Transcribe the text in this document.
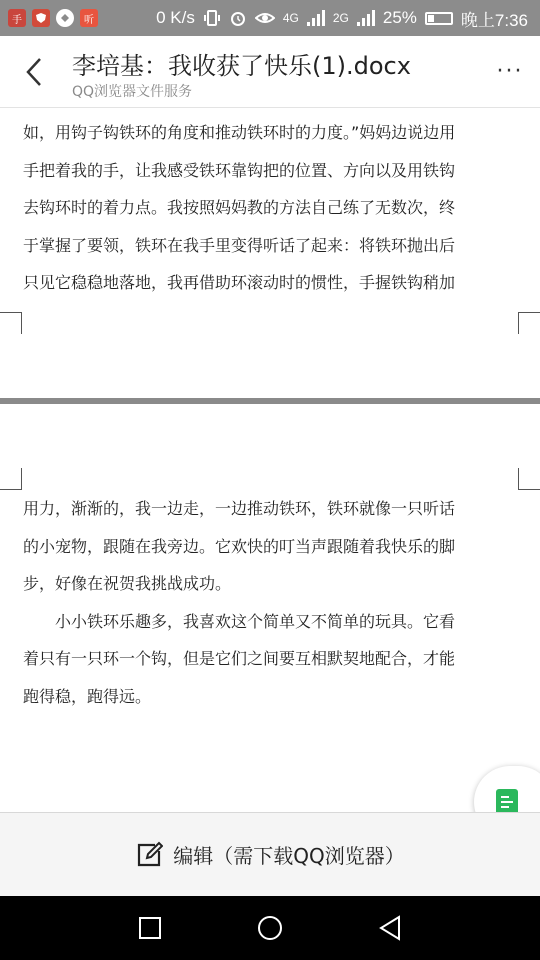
手	听	0 K/s	4G	2G 25%	晚上7:36
李培基：我收获了快乐(1).docx
QQ浏览器文件服务
···

如，用钩子钩铁环的角度和推动铁环时的力度。”妈妈边说边用

手把着我的手，让我感受铁环靠钩把的位置、方向以及用铁钩

去钩环时的着力点。我按照妈妈教的方法自己练了无数次，终

于掌握了要领，铁环在我手里变得听话了起来：将铁环抛出后

只见它稳稳地落地，我再借助环滚动时的惯性，手握铁钩稍加

用力，渐渐的，我一边走，一边推动铁环，铁环就像一只听话

的小宠物，跟随在我旁边。它欢快的叮当声跟随着我快乐的脚

步，好像在祝贺我挑战成功。

小小铁环乐趣多，我喜欢这个简单又不简单的玩具。它看

着只有一只环一个钩，但是它们之间要互相默契地配合，才能

跑得稳，跑得远。

编辑（需下载QQ浏览器）
